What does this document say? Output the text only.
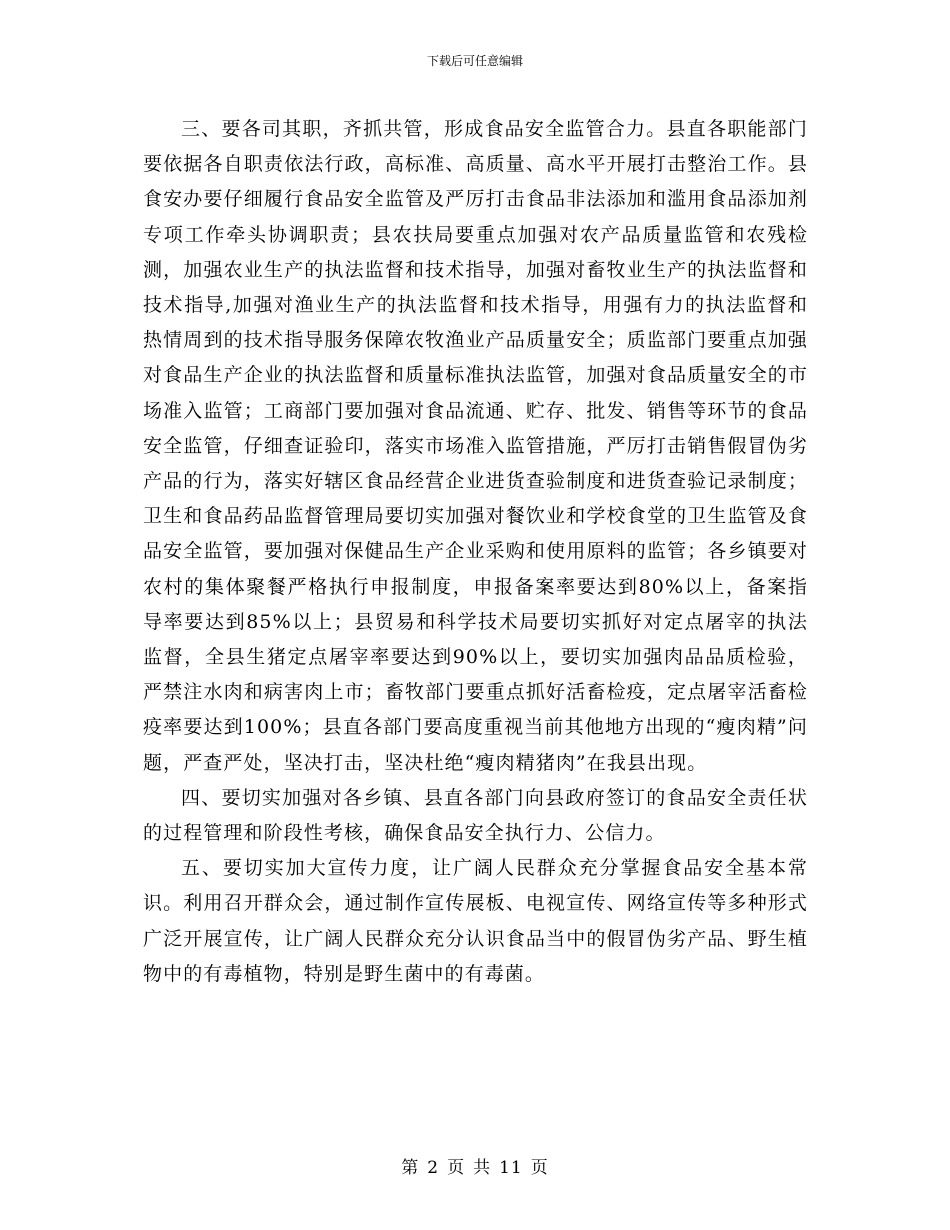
下载后可任意编辑

三、要各司其职，齐抓共管，形成食品安全监管合力。县直各职能部门要依据各自职责依法行政，高标准、高质量、高水平开展打击整治工作。县食安办要仔细履行食品安全监管及严厉打击食品非法添加和滥用食品添加剂专项工作牵头协调职责；县农扶局要重点加强对农产品质量监管和农残检测，加强农业生产的执法监督和技术指导，加强对畜牧业生产的执法监督和技术指导,加强对渔业生产的执法监督和技术指导，用强有力的执法监督和热情周到的技术指导服务保障农牧渔业产品质量安全；质监部门要重点加强对食品生产企业的执法监督和质量标准执法监管，加强对食品质量安全的市场准入监管；工商部门要加强对食品流通、贮存、批发、销售等环节的食品安全监管，仔细查证验印，落实市场准入监管措施，严厉打击销售假冒伪劣产品的行为，落实好辖区食品经营企业进货查验制度和进货查验记录制度；卫生和食品药品监督管理局要切实加强对餐饮业和学校食堂的卫生监管及食品安全监管，要加强对保健品生产企业采购和使用原料的监管；各乡镇要对农村的集体聚餐严格执行申报制度，申报备案率要达到80%以上，备案指导率要达到85%以上；县贸易和科学技术局要切实抓好对定点屠宰的执法监督，全县生猪定点屠宰率要达到90%以上，要切实加强肉品品质检验，严禁注水肉和病害肉上市；畜牧部门要重点抓好活畜检疫，定点屠宰活畜检疫率要达到100%；县直各部门要高度重视当前其他地方出现的“瘦肉精”问题，严查严处，坚决打击，坚决杜绝“瘦肉精猪肉”在我县出现。

四、要切实加强对各乡镇、县直各部门向县政府签订的食品安全责任状的过程管理和阶段性考核，确保食品安全执行力、公信力。

五、要切实加大宣传力度，让广阔人民群众充分掌握食品安全基本常识。利用召开群众会，通过制作宣传展板、电视宣传、网络宣传等多种形式广泛开展宣传，让广阔人民群众充分认识食品当中的假冒伪劣产品、野生植物中的有毒植物，特别是野生菌中的有毒菌。

第 2 页 共 11 页
